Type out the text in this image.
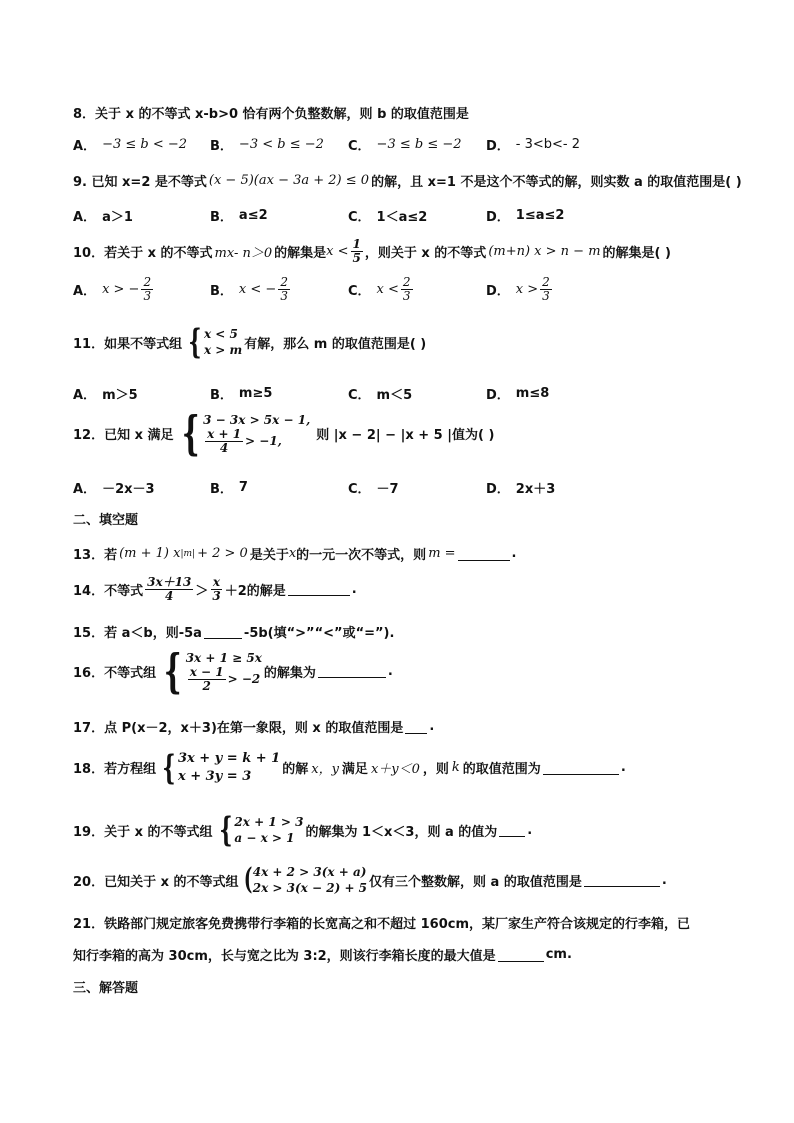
8．关于 x 的不等式 x-b>0 恰有两个负整数解，则 b 的取值范围是
A． −3 ≤ b < −2 B． −3 < b ≤ −2 C． −3 ≤ b ≤ −2 D． - 3<b<- 2
9. 已知 x=2 是不等式 (x − 5)(ax − 3a + 2) ≤ 0 的解，且 x=1 不是这个不等式的解，则实数 a 的取值范围是( )
A． a＞1	B． a≤2	C． 1＜a≤2	D． 1≤a≤2
10．若关于 x 的不等式 mx- n＞0 的解集是 $x < \frac{1}{5}$ ，则关于 x 的不等式 (m+n) x > n − m 的解集是( )
A． x > − $\frac{2}{3}$	B． x < − $\frac{2}{3}$	C． $x < \frac{2}{3}$	D． $x > \frac{2}{3}$
11．如果不等式组 { x < 5
x > m 有解，那么 m 的取值范围是( )
A． m＞5	B． m≥5	C． m＜5	D． m≤8
12．已知 x 满足 { 3 − 3x > 5x − 1,
$\frac{x + 1}{4} > -1$,	则 |x − 2| − |x + 5 |值为( )
A． －2x－3	B． 7	C． －7	D． 2x＋3
二、填空题
13．若 (m + 1) x |m| + 2 > 0 是关于 x 的一元一次不等式，则 m =	.
14．不等式 $\frac{3x+13}{4} > \frac{x}{3} +2$ 的解是	.
15．若 a＜b，则-5a	-5b(填“>”“<”或“=”).
16．不等式组 { 3x + 1 ≥ 5x
$\frac{x - 1}{2} > -2$ 的解集为	.
17．点 P(x－2，x＋3)在第一象限，则 x 的取值范围是 .
18．若方程组 { 3x + y = k + 1
x + 3y = 3	的解 x，y 满足 x＋y＜0 ，则 k 的取值范围为	.
19．关于 x 的不等式组 { 2x + 1 > 3
a − x > 1 的解集为 1＜x＜3，则 a 的值为 .
20．已知关于 x 的不等式组 ( 4x + 2 > 3(x + a)
2x > 3(x − 2) + 5 仅有三个整数解，则 a 的取值范围是	.
21．铁路部门规定旅客免费携带行李箱的长宽高之和不超过 160cm，某厂家生产符合该规定的行李箱，已
知行李箱的高为 30cm，长与宽之比为 3:2，则该行李箱长度的最大值是	cm.
三、解答题
